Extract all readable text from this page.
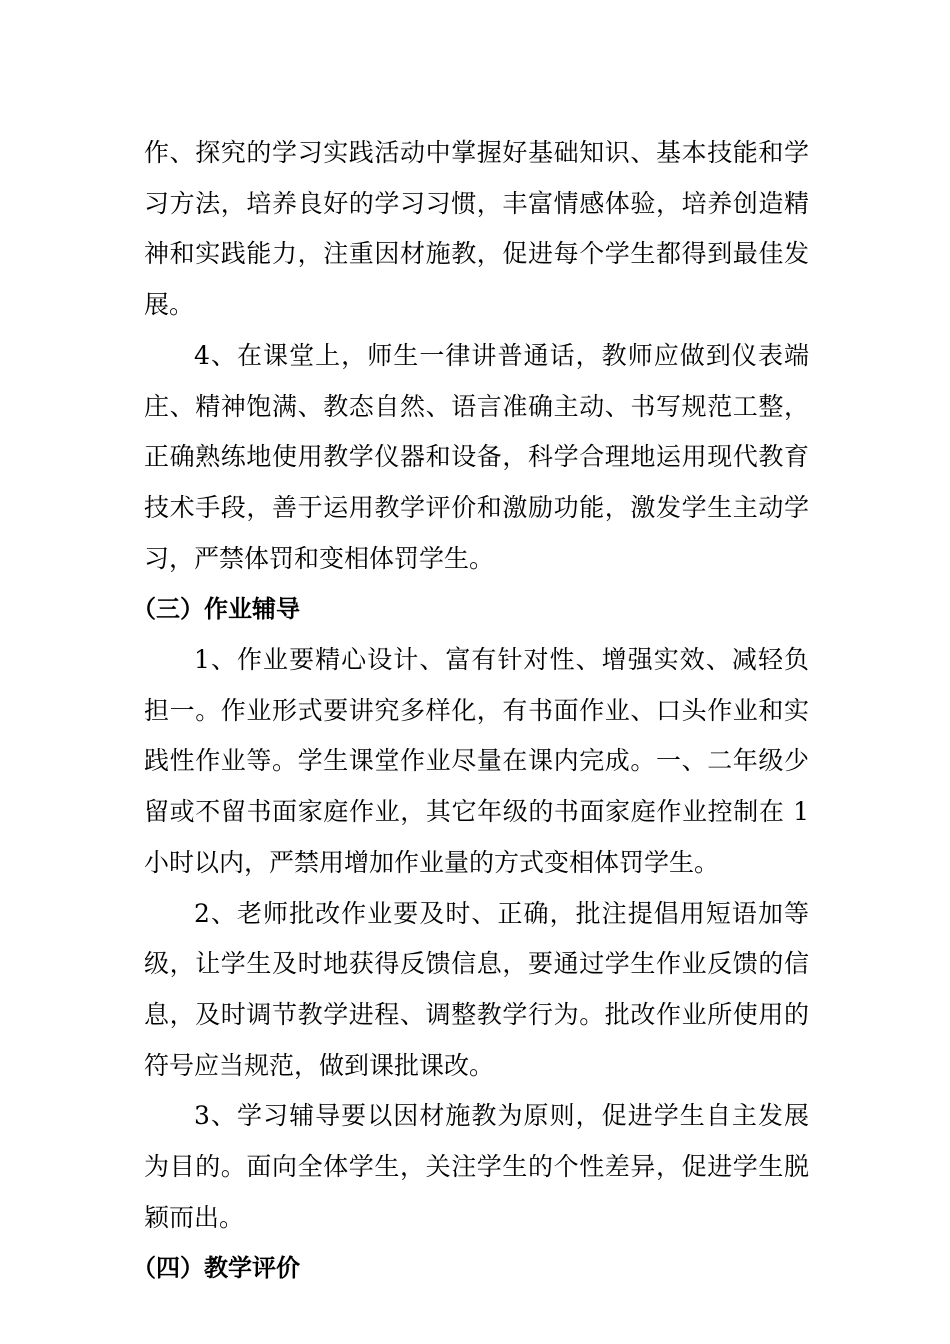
作、探究的学习实践活动中掌握好基础知识、基本技能和学习方法，培养良好的学习习惯，丰富情感体验，培养创造精神和实践能力，注重因材施教，促进每个学生都得到最佳发展。

4、在课堂上，师生一律讲普通话，教师应做到仪表端庄、精神饱满、教态自然、语言准确主动、书写规范工整，正确熟练地使用教学仪器和设备，科学合理地运用现代教育技术手段，善于运用教学评价和激励功能，激发学生主动学习，严禁体罚和变相体罚学生。

（三）作业辅导

1、作业要精心设计、富有针对性、增强实效、减轻负担一。作业形式要讲究多样化，有书面作业、口头作业和实践性作业等。学生课堂作业尽量在课内完成。一、二年级少留或不留书面家庭作业，其它年级的书面家庭作业控制在 1 小时以内，严禁用增加作业量的方式变相体罚学生。

2、老师批改作业要及时、正确，批注提倡用短语加等级，让学生及时地获得反馈信息，要通过学生作业反馈的信息，及时调节教学进程、调整教学行为。批改作业所使用的符号应当规范，做到课批课改。

3、学习辅导要以因材施教为原则，促进学生自主发展为目的。面向全体学生，关注学生的个性差异，促进学生脱颖而出。

（四）教学评价
